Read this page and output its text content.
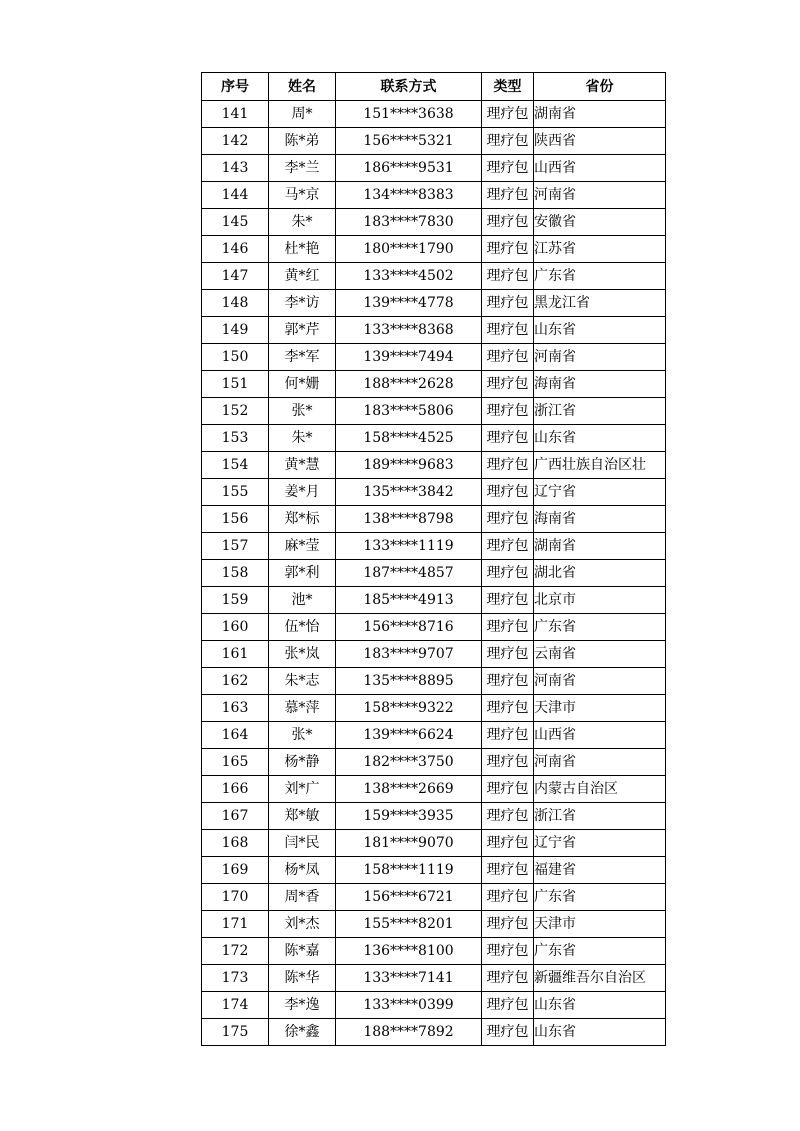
序号	姓名	联系方式	类型	省份
141	周*	151****3638	理疗包	湖南省
142	陈*弟	156****5321	理疗包	陕西省
143	李*兰	186****9531	理疗包	山西省
144	马*京	134****8383	理疗包	河南省
145	朱*	183****7830	理疗包	安徽省
146	杜*艳	180****1790	理疗包	江苏省
147	黄*红	133****4502	理疗包	广东省
148	李*访	139****4778	理疗包	黑龙江省
149	郭*芹	133****8368	理疗包	山东省
150	李*军	139****7494	理疗包	河南省
151	何*姗	188****2628	理疗包	海南省
152	张*	183****5806	理疗包	浙江省
153	朱*	158****4525	理疗包	山东省
154	黄*慧	189****9683	理疗包	广西壮族自治区壮
155	姜*月	135****3842	理疗包	辽宁省
156	郑*标	138****8798	理疗包	海南省
157	麻*莹	133****1119	理疗包	湖南省
158	郭*利	187****4857	理疗包	湖北省
159	池*	185****4913	理疗包	北京市
160	伍*怡	156****8716	理疗包	广东省
161	张*岚	183****9707	理疗包	云南省
162	朱*志	135****8895	理疗包	河南省
163	慕*萍	158****9322	理疗包	天津市
164	张*	139****6624	理疗包	山西省
165	杨*静	182****3750	理疗包	河南省
166	刘*广	138****2669	理疗包	内蒙古自治区
167	郑*敏	159****3935	理疗包	浙江省
168	闫*民	181****9070	理疗包	辽宁省
169	杨*凤	158****1119	理疗包	福建省
170	周*香	156****6721	理疗包	广东省
171	刘*杰	155****8201	理疗包	天津市
172	陈*嘉	136****8100	理疗包	广东省
173	陈*华	133****7141	理疗包	新疆维吾尔自治区
174	李*逸	133****0399	理疗包	山东省
175	徐*鑫	188****7892	理疗包	山东省
